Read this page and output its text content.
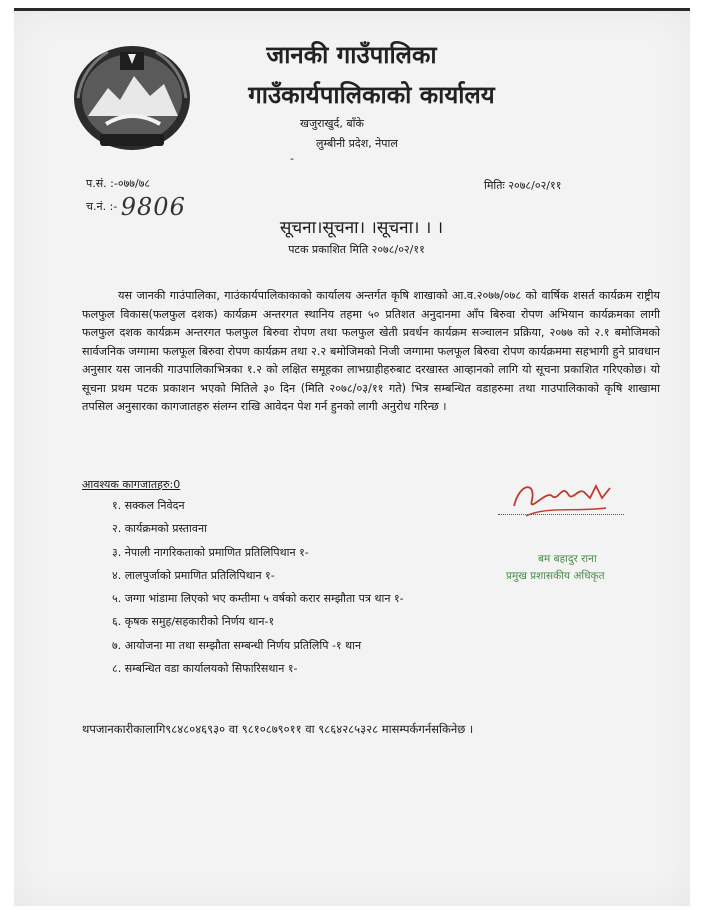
जानकी गाउँपालिका
गाउँकार्यपालिकाको कार्यालय
खजुराखुर्द, बाँके
लुम्बीनी प्रदेश, नेपाल
-
प.सं. :-०७७/७८
च.नं. :- 9806
मितिः २०७८/०२/११
सूचना।सूचना। ।सूचना। । ।
पटक प्रकाशित मिति २०७८/०२/११
यस जानकी गाउंपालिका, गाउंकार्यपालिकाकाको कार्यालय अन्तर्गत कृषि शाखाको आ.व.२०७७/०७८ को वार्षिक शसर्त कार्यक्रम राष्ट्रीय फलफुल विकास(फलफुल दशक) कार्यक्रम अन्तरगत स्थानिय तहमा ५० प्रतिशत अनुदानमा आँप बिरुवा रोपण अभियान कार्यक्रमका लागी फलफुल दशक कार्यक्रम अन्तरगत फलफुल बिरुवा रोपण तथा फलफुल खेती प्रवर्धन कार्यक्रम सञ्चालन प्रक्रिया, २०७७ को २.१ बमोजिमको सार्वजनिक जग्गामा फलफूल बिरुवा रोपण कार्यक्रम तथा २.२ बमोजिमको निजी जग्गामा फलफूल बिरुवा रोपण कार्यक्रममा सहभागी हुने प्रावधान अनुसार यस जानकी गाउपालिकाभित्रका १.२ को लक्षित समूहका लाभग्राहीहरुबाट दरखास्त आव्हानको लागि यो सूचना प्रकाशित गरिएकोछ। यो सूचना प्रथम पटक प्रकाशन भएको मितिले ३० दिन (मिति २०७८/०३/११ गते) भित्र सम्बन्धित वडाहरुमा तथा गाउपालिकाको कृषि शाखामा तपसिल अनुसारका कागजातहरु संलग्न राखि आवेदन पेश गर्न हुनको लागी अनुरोध गरिन्छ ।
आवश्यक कागजातहरु:0
१. सक्कल निवेदन
२. कार्यक्रमको प्रस्तावना
३. नेपाली नागरिकताको प्रमाणित प्रतिलिपिथान १-
४. लालपुर्जाको प्रमाणित प्रतिलिपिथान १-
५. जग्गा भांडामा लिएको भए कम्तीमा ५ वर्षको करार सम्झौता पत्र थान १-
६. कृषक समुह/सहकारीको निर्णय थान-१
७. आयोजना मा तथा सम्झौता सम्बन्धी निर्णय प्रतिलिपि -१ थान
८. सम्बन्धित वडा कार्यालयको सिफारिसथान १-
बम बहादुर राना
प्रमुख प्रशासकीय अधिकृत
थपजानकारीकालागि९८४८०४६९३० वा ९८१०८७९०११ वा ९८६४२८५३२८ मासम्पर्कगर्नसकिनेछ ।
